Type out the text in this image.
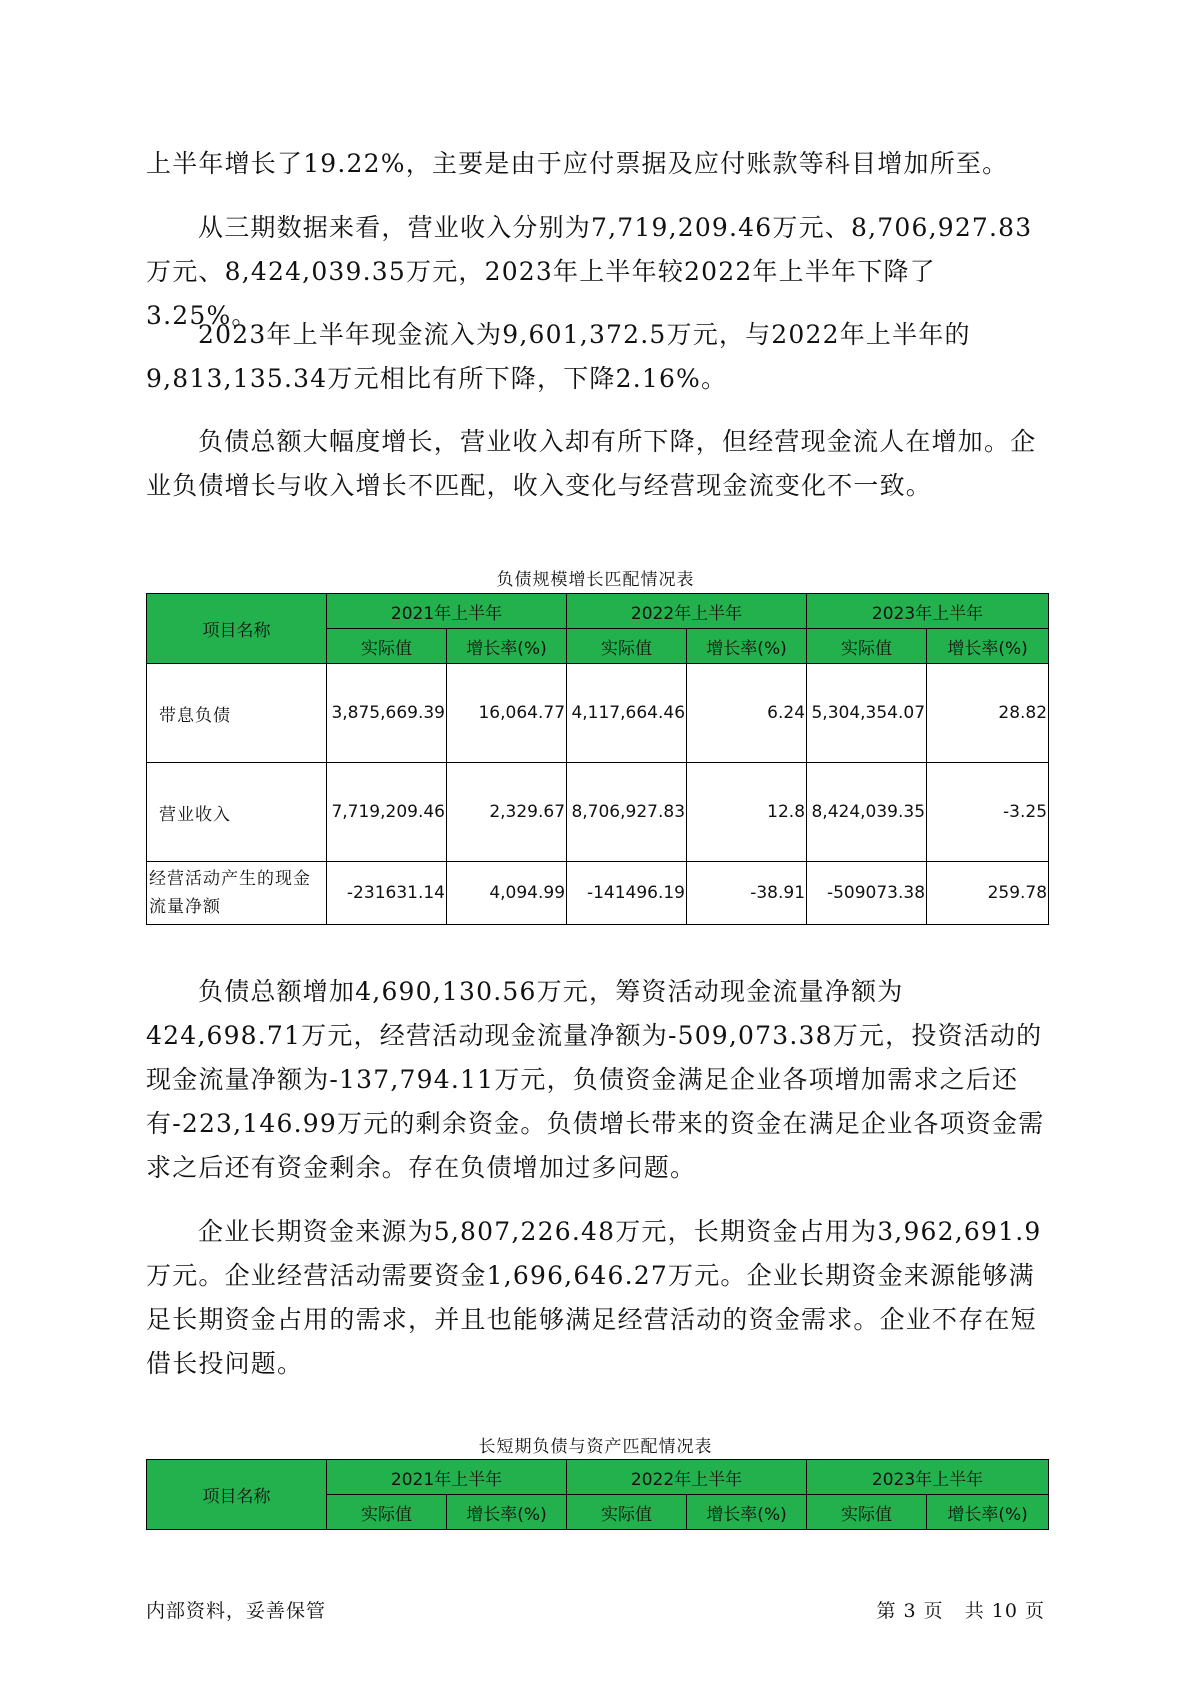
上半年增长了19.22%，主要是由于应付票据及应付账款等科目增加所至。

从三期数据来看，营业收入分别为7,719,209.46万元、8,706,927.83万元、8,424,039.35万元，2023年上半年较2022年上半年下降了3.25%。

2023年上半年现金流入为9,601,372.5万元，与2022年上半年的9,813,135.34万元相比有所下降，下降2.16%。

负债总额大幅度增长，营业收入却有所下降，但经营现金流人在增加。企业负债增长与收入增长不匹配，收入变化与经营现金流变化不一致。

负债规模增长匹配情况表

项目名称	2021年上半年		2022年上半年		2023年上半年	
	实际值	增长率(%)	实际值	增长率(%)	实际值	增长率(%)
带息负债	3,875,669.39	16,064.77	4,117,664.46	6.24	5,304,354.07	28.82
营业收入	7,719,209.46	2,329.67	8,706,927.83	12.8	8,424,039.35	-3.25
经营活动产生的现金流量净额	-231631.14	4,094.99	-141496.19	-38.91	-509073.38	259.78

负债总额增加4,690,130.56万元，筹资活动现金流量净额为424,698.71万元，经营活动现金流量净额为-509,073.38万元，投资活动的现金流量净额为-137,794.11万元，负债资金满足企业各项增加需求之后还有-223,146.99万元的剩余资金。负债增长带来的资金在满足企业各项资金需求之后还有资金剩余。存在负债增加过多问题。

企业长期资金来源为5,807,226.48万元，长期资金占用为3,962,691.9万元。企业经营活动需要资金1,696,646.27万元。企业长期资金来源能够满足长期资金占用的需求，并且也能够满足经营活动的资金需求。企业不存在短借长投问题。

长短期负债与资产匹配情况表

项目名称	2021年上半年		2022年上半年		2023年上半年	
	实际值	增长率(%)	实际值	增长率(%)	实际值	增长率(%)
内部资料，妥善保管	第 3 页   共 10 页
